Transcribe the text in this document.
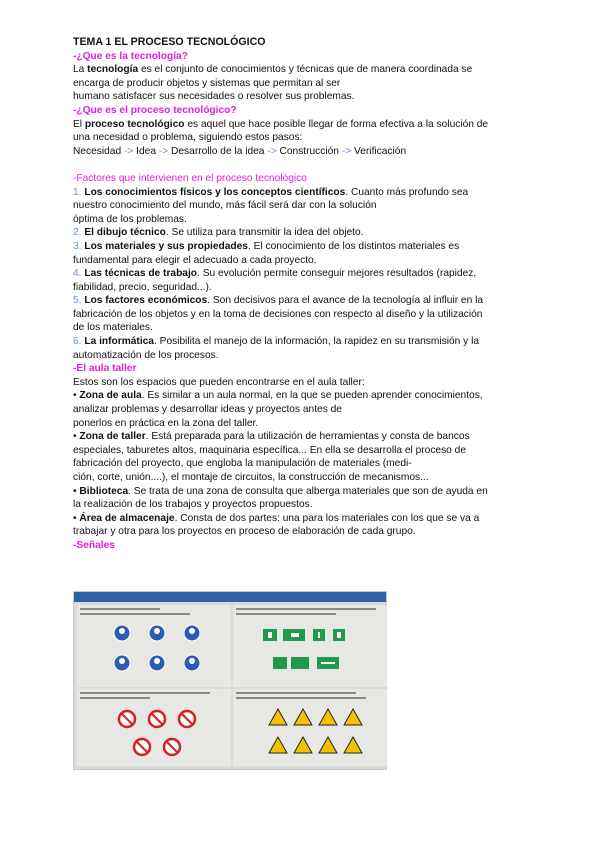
TEMA 1 EL PROCESO TECNOLÓGICO

-¿Que es la tecnología?

La tecnología es el conjunto de conocimientos y técnicas que de manera coordinada se

encarga de producir objetos y sistemas que permitan al ser

humano satisfacer sus necesidades o resolver sus problemas.

-¿Que es el proceso tecnológico?

El proceso tecnológico es aquel que hace posible llegar de forma efectiva a la solución de

una necesidad o problema, siguiendo estos pasos:

Necesidad -> Idea -> Desarrollo de la idea -> Construcción -> Verificación

-Factores que intervienen en el proceso tecnológico

1. Los conocimientos físicos y los conceptos científicos. Cuanto más profundo sea

nuestro conocimiento del mundo, más fácil será dar con la solución

óptima de los problemas.

2. El dibujo técnico. Se utiliza para transmitir la idea del objeto.

3. Los materiales y sus propiedades. El conocimiento de los distintos materiales es

fundamental para elegir el adecuado a cada proyecto.

4. Las técnicas de trabajo. Su evolución permite conseguir mejores resultados (rapidez,

fiabilidad, precio, seguridad...).

5. Los factores económicos. Son decisivos para el avance de la tecnología al influir en la

fabricación de los objetos y en la toma de decisiones con respecto al diseño y la utilización

de los materiales.

6. La informática. Posibilita el manejo de la información, la rapidez en su transmisión y la

automatización de los procesos.

-El aula taller

Estos son los espacios que pueden encontrarse en el aula taller:

• Zona de aula. Es similar a un aula normal, en la que se pueden aprender conocimientos,

analizar problemas y desarrollar ideas y proyectos antes de

ponerlos en práctica en la zona del taller.

• Zona de taller. Está preparada para la utilización de herramientas y consta de bancos

especiales, taburetes altos, maquinaria específica... En ella se desarrolla el proceso de

fabricación del proyecto, que engloba la manipulación de materiales (medi-

ción, corte, unión....), el montaje de circuitos, la construcción de mecanismos...

• Biblioteca. Se trata de una zona de consulta que alberga materiales que son de ayuda en

la realización de los trabajos y proyectos propuestos.

• Área de almacenaje. Consta de dos partes: una para los materiales con los que se va a

trabajar y otra para los proyectos en proceso de elaboración de cada grupo.

-Señales
